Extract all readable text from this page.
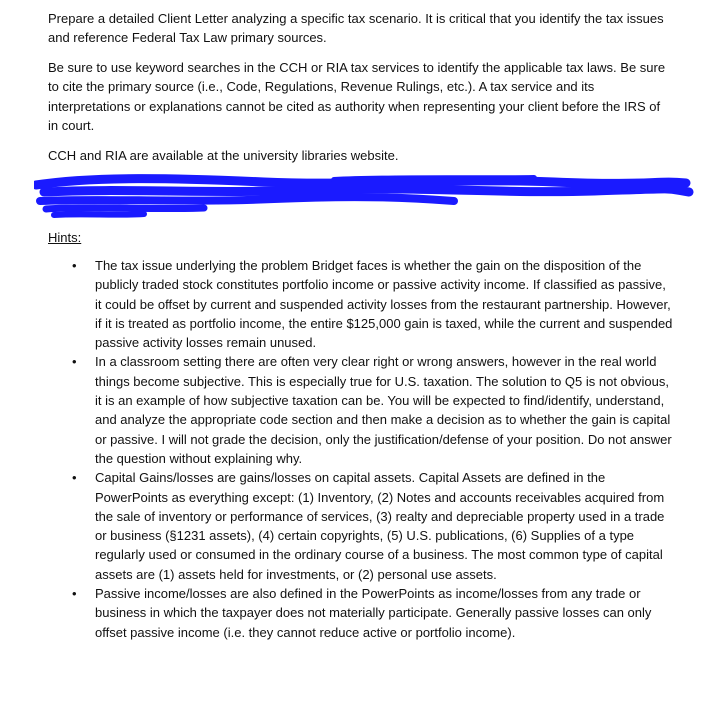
Prepare a detailed Client Letter analyzing a specific tax scenario. It is critical that you identify the tax issues and reference Federal Tax Law primary sources.

Be sure to use keyword searches in the CCH or RIA tax services to identify the applicable tax laws. Be sure to cite the primary source (i.e., Code, Regulations, Revenue Rulings, etc.). A tax service and its interpretations or explanations cannot be cited as authority when representing your client before the IRS of in court.

CCH and RIA are available at the university libraries website.

Hints:

• The tax issue underlying the problem Bridget faces is whether the gain on the disposition of the publicly traded stock constitutes portfolio income or passive activity income. If classified as passive, it could be offset by current and suspended activity losses from the restaurant partnership. However, if it is treated as portfolio income, the entire $125,000 gain is taxed, while the current and suspended passive activity losses remain unused.
• In a classroom setting there are often very clear right or wrong answers, however in the real world things become subjective. This is especially true for U.S. taxation. The solution to Q5 is not obvious, it is an example of how subjective taxation can be. You will be expected to find/identify, understand, and analyze the appropriate code section and then make a decision as to whether the gain is capital or passive. I will not grade the decision, only the justification/defense of your position. Do not answer the question without explaining why.
• Capital Gains/losses are gains/losses on capital assets. Capital Assets are defined in the PowerPoints as everything except: (1) Inventory, (2) Notes and accounts receivables acquired from the sale of inventory or performance of services, (3) realty and depreciable property used in a trade or business (§1231 assets), (4) certain copyrights, (5) U.S. publications, (6) Supplies of a type regularly used or consumed in the ordinary course of a business. The most common type of capital assets are (1) assets held for investments, or (2) personal use assets.
• Passive income/losses are also defined in the PowerPoints as income/losses from any trade or business in which the taxpayer does not materially participate. Generally passive losses can only offset passive income (i.e. they cannot reduce active or portfolio income).
